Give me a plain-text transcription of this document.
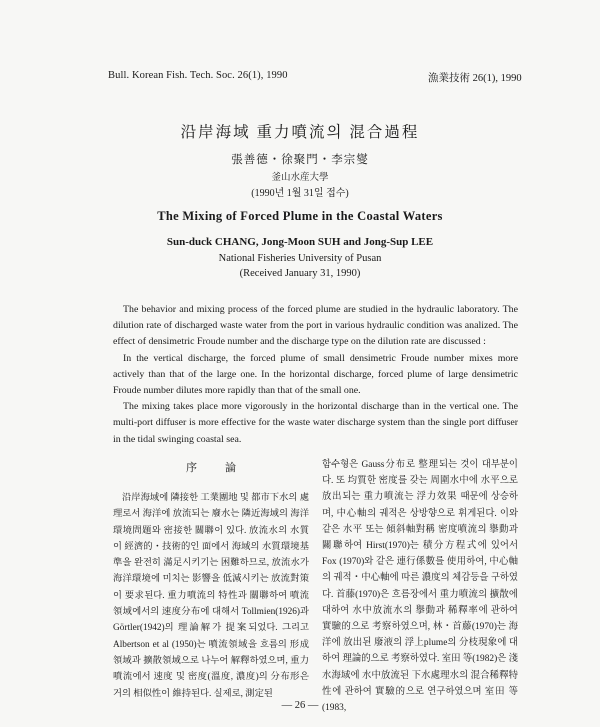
Bull. Korean Fish. Tech. Soc. 26(1), 1990	漁業技術 26(1), 1990
沿岸海域 重力噴流의 混合過程
張善德・徐聚門・李宗燮
釜山水産大學
(1990년 1월 31일 접수)
The Mixing of Forced Plume in the Coastal Waters
Sun-duck CHANG, Jong-Moon SUH and Jong-Sup LEE
National Fisheries University of Pusan
(Received January 31, 1990)

The behavior and mixing process of the forced plume are studied in the hydraulic laboratory. The dilution rate of discharged waste water from the port in various hydraulic condition was analized. The effect of densimetric Froude number and the discharge type on the dilution rate are discussed :

In the vertical discharge, the forced plume of small densimetric Froude number mixes more actively than that of the large one. In the horizontal discharge, forced plume of large densimetric Froude number dilutes more rapidly than that of the small one.

The mixing takes place more vigorously in the horizontal discharge than in the vertical one. The multi-port diffuser is more effective for the waste water discharge system than the single port diffuser in the tidal swinging coastal sea.

序論

沿岸海域에 隣接한 工業團地 및 都市下水의 處理로서 海洋에 放流되는 廢水는 隣近海域의 海洋環境問題와 密接한 關聯이 있다. 放流水의 水質이 經濟的・技術的인 面에서 海域의 水質環境基準을 완전히 滿足시키기는 困難하므로, 放流水가 海洋環境에 미치는 影響을 低減시키는 放流對策이 要求된다. 重力噴流의 特性과 關聯하여 噴流領域에서의 速度分布에 대해서 Tollmien(1926)과 Görtler(1942)의 理論解가 提案되었다. 그리고 Albertson et al (1950)는 噴流領域을 흐름의 形成領域과 擴散領域으로 나누어 解釋하였으며, 重力噴流에서 速度 및 密度(溫度, 濃度)의 分布形은 거의 相似性이 維持된다. 실제로, 測定된

함수형은 Gauss分布로 整理되는 것이 대부분이다. 또 均質한 密度를 갖는 周圍水中에 水平으로 放出되는 重力噴流는 浮力效果 때문에 상승하며, 中心軸의 궤적은 상방향으로 휘게된다. 이와같은 水平 또는 傾斜軸對稱 密度噴流의 擧動과 關聯하여 Hirst(1970)는 積分方程式에 있어서 Fox (1970)와 같은 連行係數를 使用하여, 中心軸의 궤적・中心軸에 따른 濃度의 체감등을 구하였다. 首藤(1970)은 흐름장에서 重力噴流의 擴散에 대하여 水中放流水의 擧動과 稀釋率에 관하여 實驗的으로 考察하였으며, 林・首藤(1970)는 海洋에 放出된 廢液의 浮上plume의 分枝現象에 대하여 理論的으로 考察하였다. 室田 等(1982)은 淺水海域에 水中放流된 下水處理水의 混合稀釋特性에 관하여 實驗的으로 연구하였으며 室田 等(1983,

— 26 —
